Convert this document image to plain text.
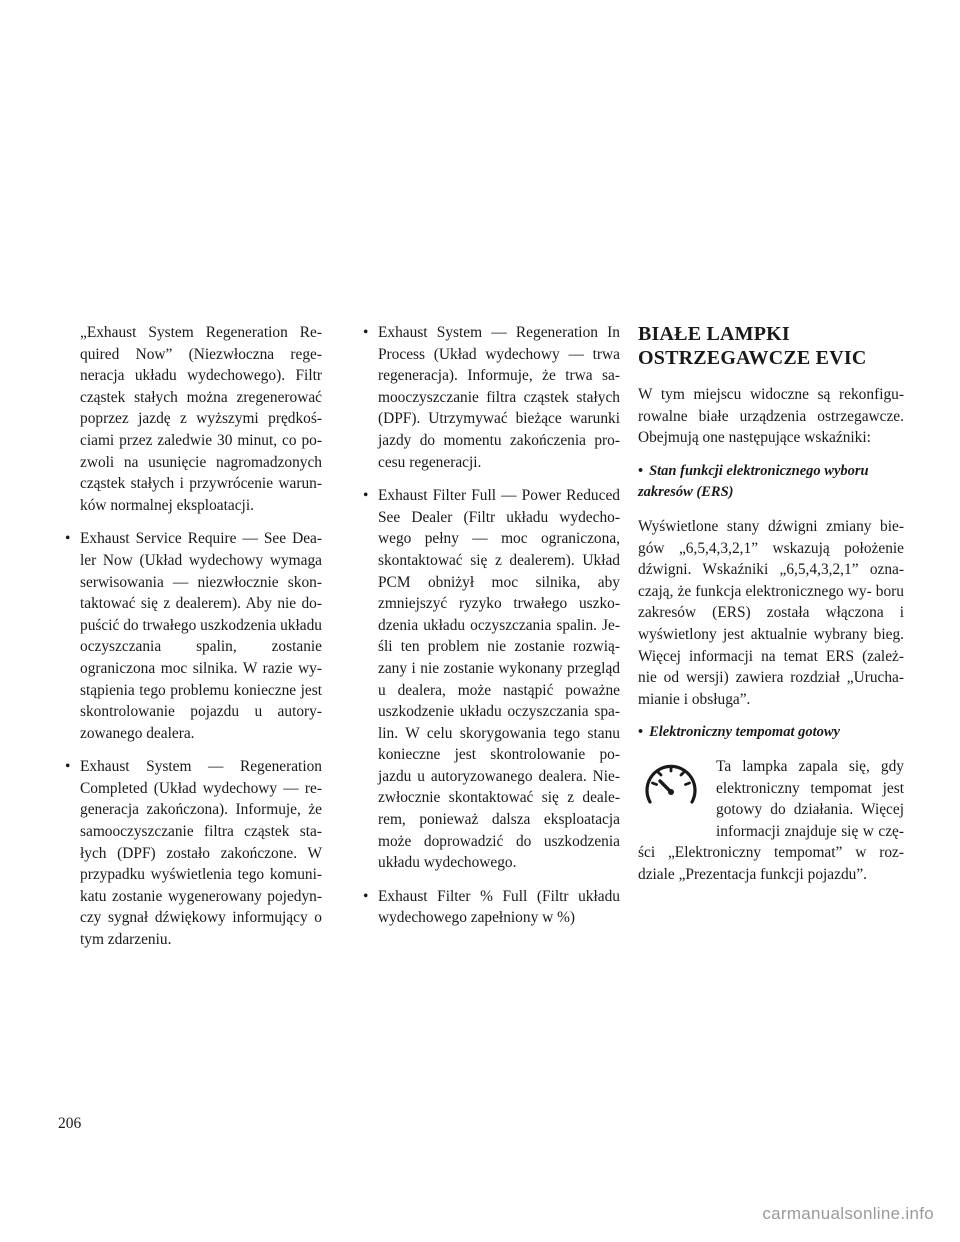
„Exhaust System Regeneration Re- quired Now” (Niezwłoczna rege- neracja układu wydechowego). Filtr cząstek stałych można zregenerować poprzez jazdę z wyższymi prędkoś- ciami przez zaledwie 30 minut, co po- zwoli na usunięcie nagromadzonych cząstek stałych i przywrócenie warun- ków normalnej eksploatacji.

• Exhaust Service Require — See Dea- ler Now (Układ wydechowy wymaga serwisowania — niezwłocznie skon- taktować się z dealerem). Aby nie do- puścić do trwałego uszkodzenia układu oczyszczania spalin, zostanie ograniczona moc silnika. W razie wy- stąpienia tego problemu konieczne jest skontrolowanie pojazdu u autory- zowanego dealera.
• Exhaust System — Regeneration Completed (Układ wydechowy — re- generacja zakończona). Informuje, że samooczyszczanie filtra cząstek sta- łych (DPF) zostało zakończone. W przypadku wyświetlenia tego komuni- katu zostanie wygenerowany pojedyn- czy sygnał dźwiękowy informujący o tym zdarzeniu.
• Exhaust System — Regeneration In Process (Układ wydechowy — trwa regeneracja). Informuje, że trwa sa- mooczyszczanie filtra cząstek stałych (DPF). Utrzymywać bieżące warunki jazdy do momentu zakończenia pro- cesu regeneracji.
• Exhaust Filter Full — Power Reduced See Dealer (Filtr układu wydecho- wego pełny — moc ograniczona, skontaktować się z dealerem). Układ PCM obniżył moc silnika, aby zmniejszyć ryzyko trwałego uszko- dzenia układu oczyszczania spalin. Je- śli ten problem nie zostanie rozwią- zany i nie zostanie wykonany przegląd u dealera, może nastąpić poważne uszkodzenie układu oczyszczania spa- lin. W celu skorygowania tego stanu konieczne jest skontrolowanie po- jazdu u autoryzowanego dealera. Nie- zwłocznie skontaktować się z deale- rem, ponieważ dalsza eksploatacja może doprowadzić do uszkodzenia układu wydechowego.
• Exhaust Filter % Full (Filtr układu wydechowego zapełniony w %)
BIAŁE LAMPKI
OSTRZEGAWCZE EVIC

W tym miejscu widoczne są rekonfigu- rowalne białe urządzenia ostrzegawcze. Obejmują one następujące wskaźniki:

• Stan funkcji elektronicznego wyboru zakresów (ERS)

Wyświetlone stany dźwigni zmiany bie- gów „6,5,4,3,2,1” wskazują położenie dźwigni. Wskaźniki „6,5,4,3,2,1” ozna- czają, że funkcja elektronicznego wy- boru zakresów (ERS) została włączona i wyświetlony jest aktualnie wybrany bieg. Więcej informacji na temat ERS (zależ- nie od wersji) zawiera rozdział „Urucha- mianie i obsługa”.

• Elektroniczny tempomat gotowy

Ta lampka zapala się, gdy elektroniczny tempomat jest gotowy do działania. Więcej informacji znajduje się w czę- ści „Elektroniczny tempomat” w roz- dziale „Prezentacja funkcji pojazdu”.

206
carmanualsonline.info
